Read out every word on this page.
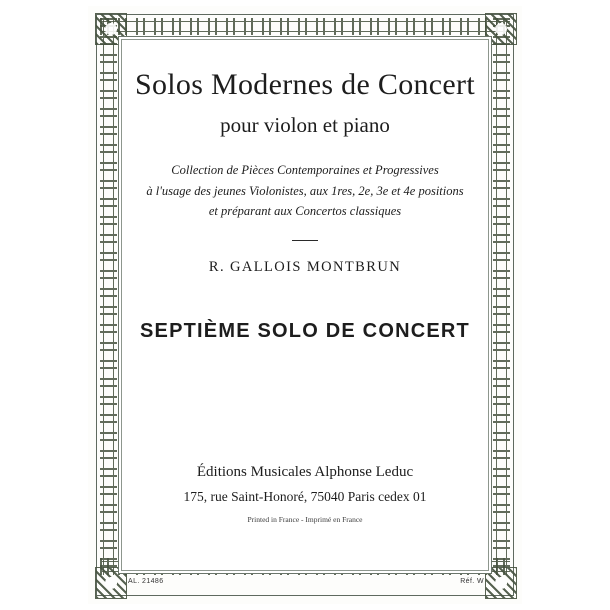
Solos Modernes de Concert
pour violon et piano
Collection de Pièces Contemporaines et Progressives
à l'usage des jeunes Violonistes, aux 1res, 2e, 3e et 4e positions
et préparant aux Concertos classiques
R. GALLOIS MONTBRUN
SEPTIÈME SOLO DE CONCERT
Éditions Musicales Alphonse Leduc
175, rue Saint-Honoré, 75040 Paris cedex 01
Printed in France - Imprimé en France
AL. 21486	Réf. W
